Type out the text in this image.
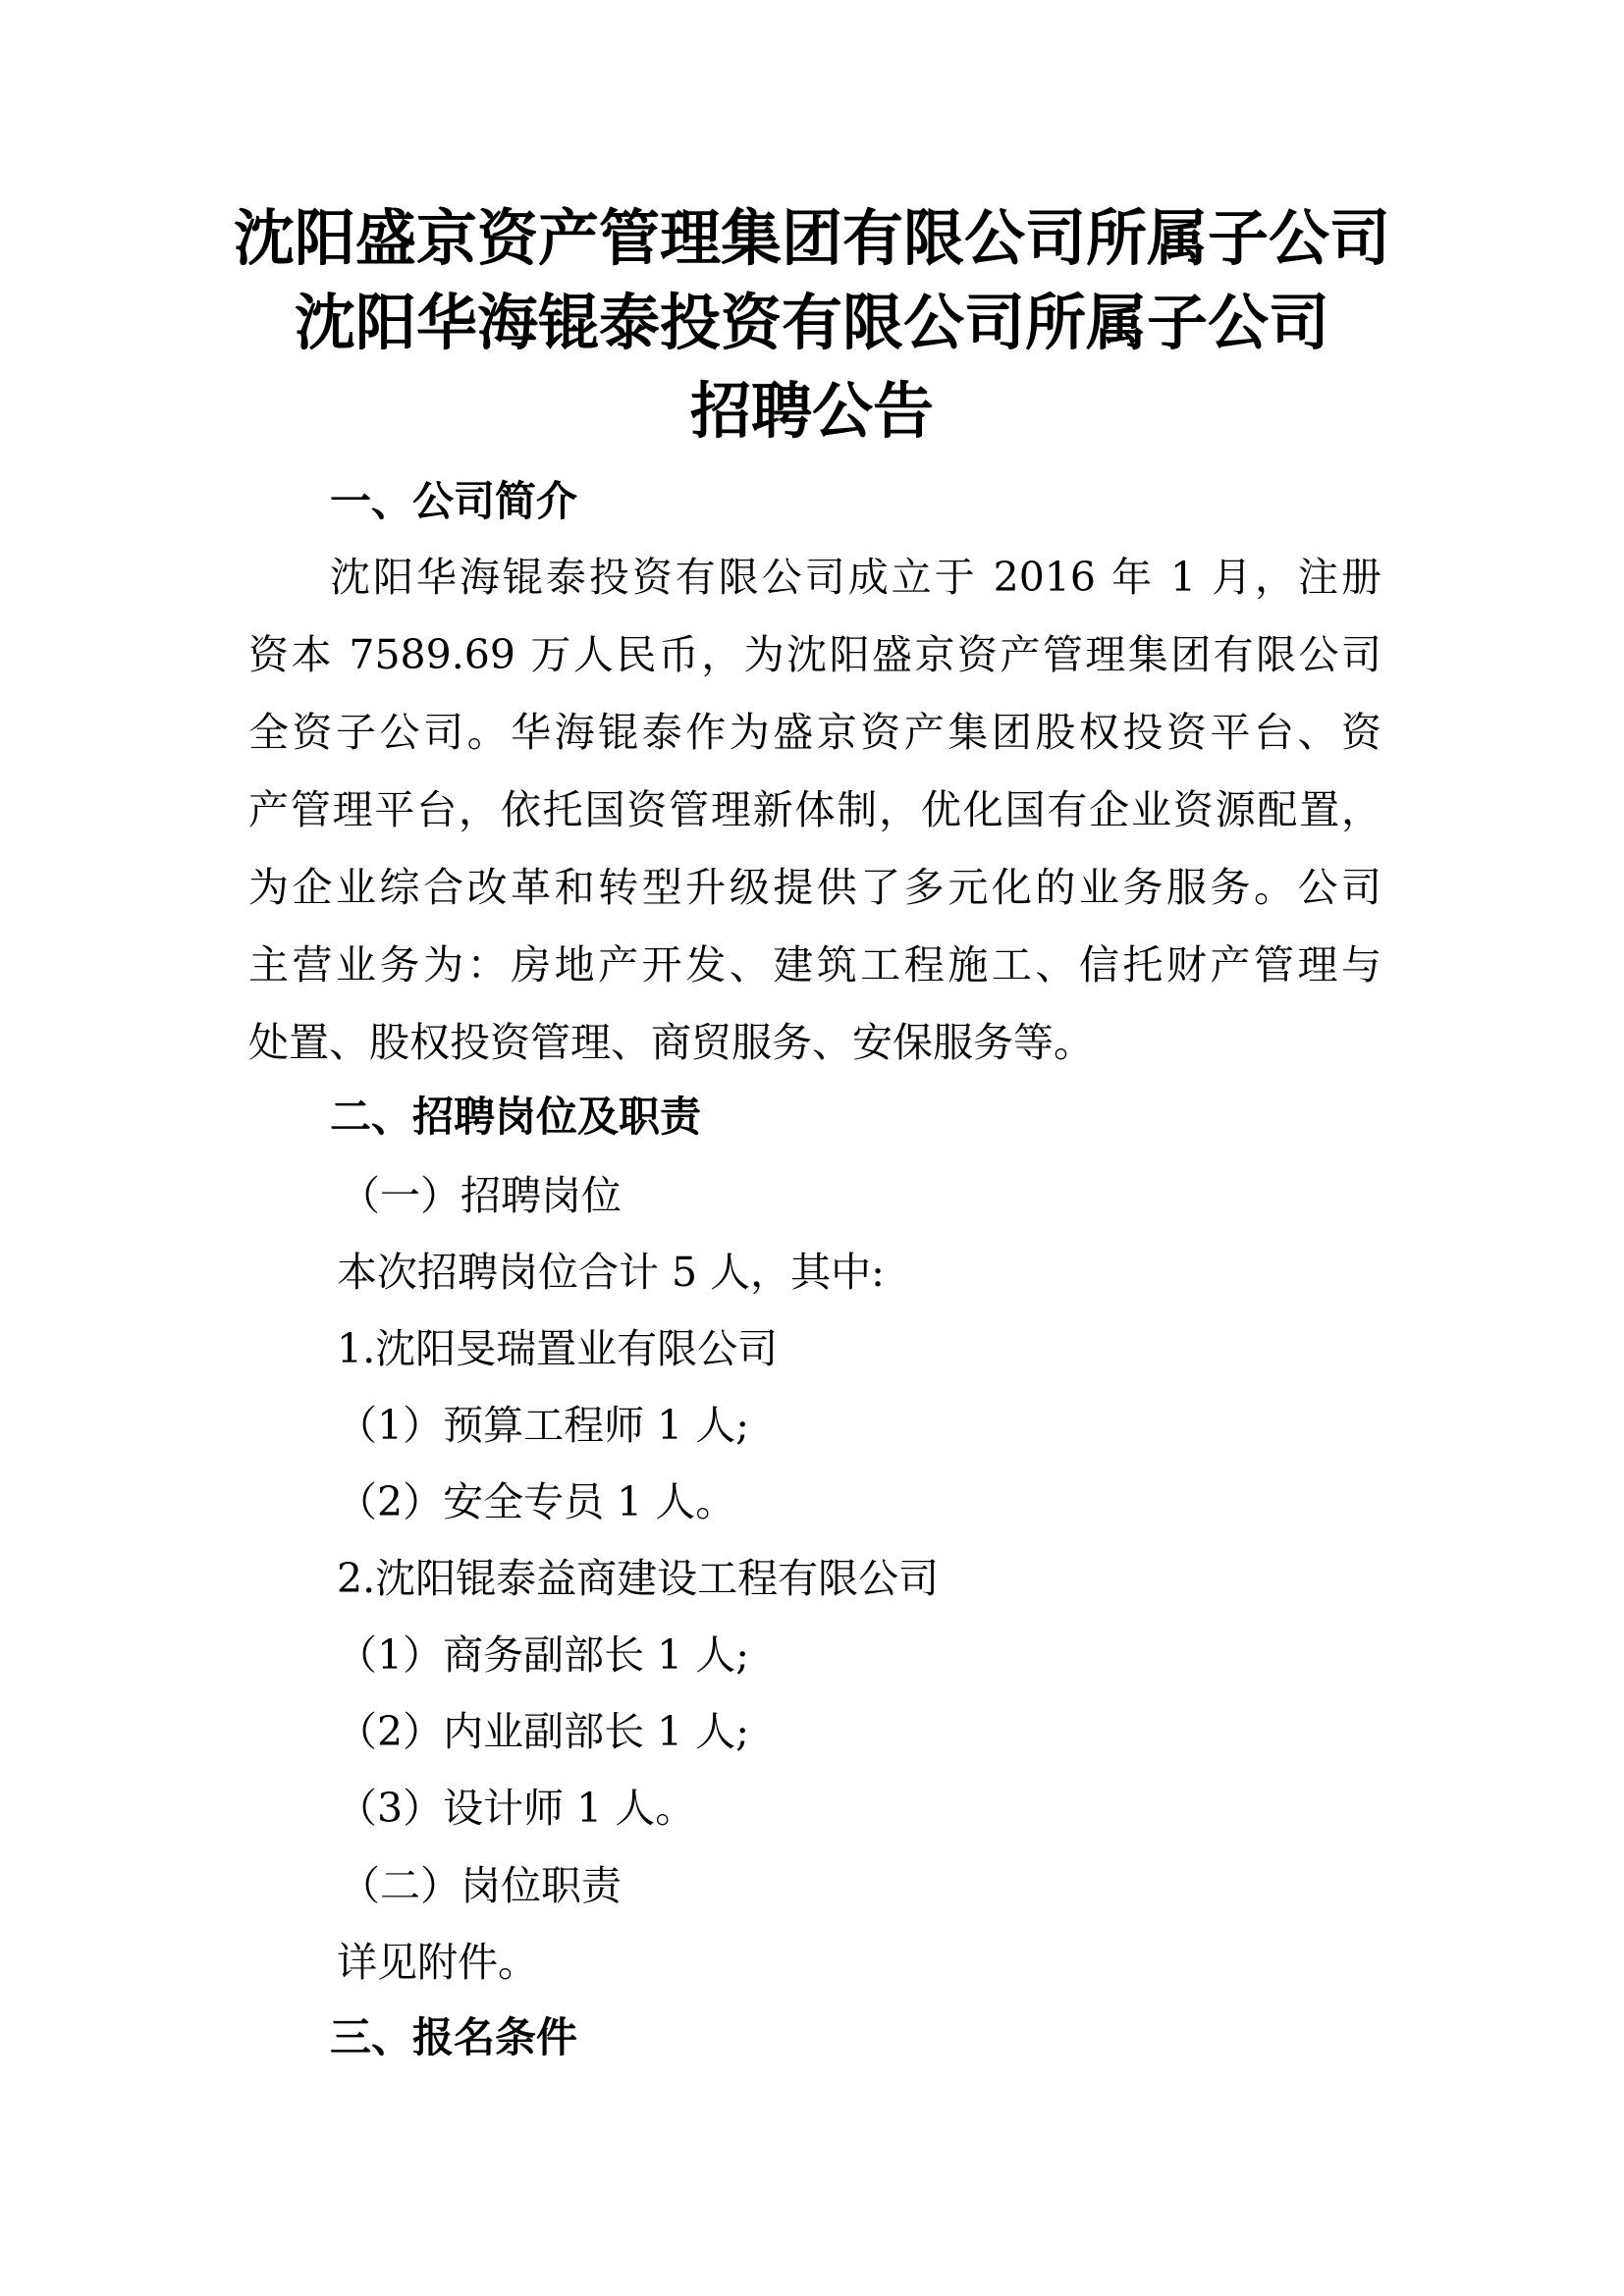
沈阳盛京资产管理集团有限公司所属子公司
沈阳华海锟泰投资有限公司所属子公司
招聘公告
一、公司简介
沈阳华海锟泰投资有限公司成立于 2016 年 1 月，注册
资本 7589.69 万人民币，为沈阳盛京资产管理集团有限公司
全资子公司。华海锟泰作为盛京资产集团股权投资平台、资
产管理平台，依托国资管理新体制，优化国有企业资源配置，
为企业综合改革和转型升级提供了多元化的业务服务。公司
主营业务为：房地产开发、建筑工程施工、信托财产管理与
处置、股权投资管理、商贸服务、安保服务等。
二、招聘岗位及职责
（一）招聘岗位
本次招聘岗位合计 5 人，其中:
1.沈阳旻瑞置业有限公司
（1）预算工程师 1 人;
（2）安全专员 1 人。
2.沈阳锟泰益商建设工程有限公司
（1）商务副部长 1 人;
（2）内业副部长 1 人;
（3）设计师 1 人。
（二）岗位职责
详见附件。
三、报名条件
